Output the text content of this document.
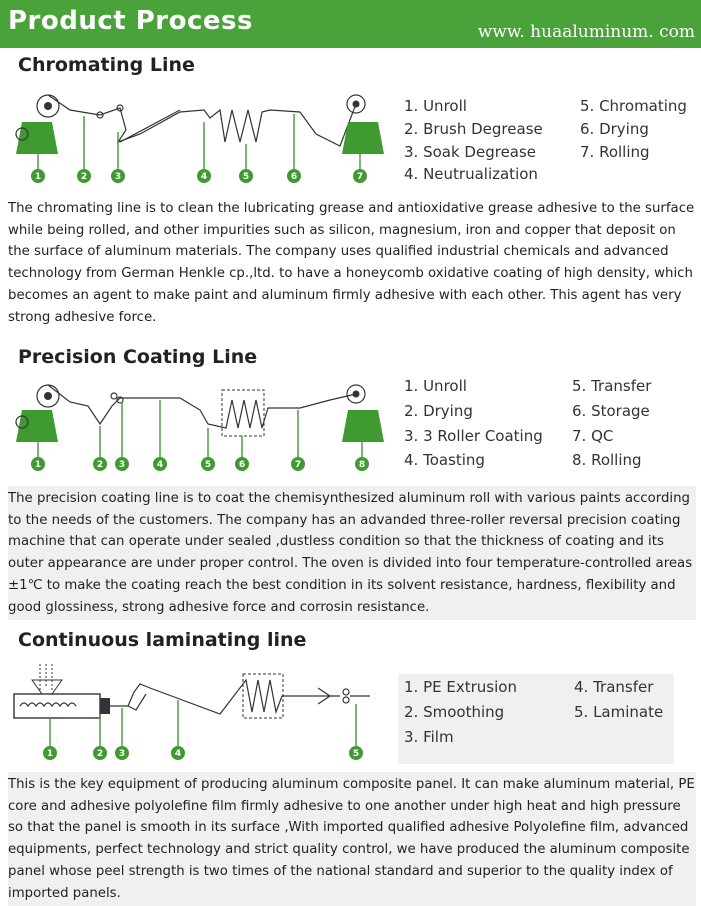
Product Process	www. huaaluminum. com
Chromating Line
1	2	3	4	5	6	7
1. Unroll
2. Brush Degrease
3. Soak Degrease
4. Neutrualization
5. Chromating
6. Drying
7. Rolling
The chromating line is to clean the lubricating grease and antioxidative grease adhesive to the surface while being rolled, and other impurities such as silicon, magnesium, iron and copper that deposit on the surface of aluminum materials. The company uses qualified industrial chemicals and advanced technology from German Henkle cp.,ltd. to have a honeycomb oxidative coating of high density, which becomes an agent to make paint and aluminum firmly adhesive with each other. This agent has very strong adhesive force.
Precision Coating Line
1	2 3	4	5	6	7	8
1. Unroll
2. Drying
3. 3 Roller Coating
4. Toasting
5. Transfer
6. Storage
7. QC
8. Rolling
The precision coating line is to coat the chemisynthesized aluminum roll with various paints according to the needs of the customers. The company has an advanded three-roller reversal precision coating machine that can operate under sealed ,dustless condition so that the thickness of coating and its outer appearance are under proper control. The oven is divided into four temperature-controlled areas ±1℃ to make the coating reach the best condition in its solvent resistance, hardness, flexibility and good glossiness, strong adhesive force and corrosin resistance.
Continuous laminating line
1	2 3	4	5
1. PE Extrusion
2. Smoothing
3. Film
4. Transfer
5. Laminate
This is the key equipment of producing aluminum composite panel. It can make aluminum material, PE core and adhesive polyolefine film firmly adhesive to one another under high heat and high pressure so that the panel is smooth in its surface ,With imported qualified adhesive Polyolefine film, advanced equipments, perfect technology and strict quality control, we have produced the aluminum composite panel whose peel strength is two times of the national standard and superior to the quality index of imported panels.
